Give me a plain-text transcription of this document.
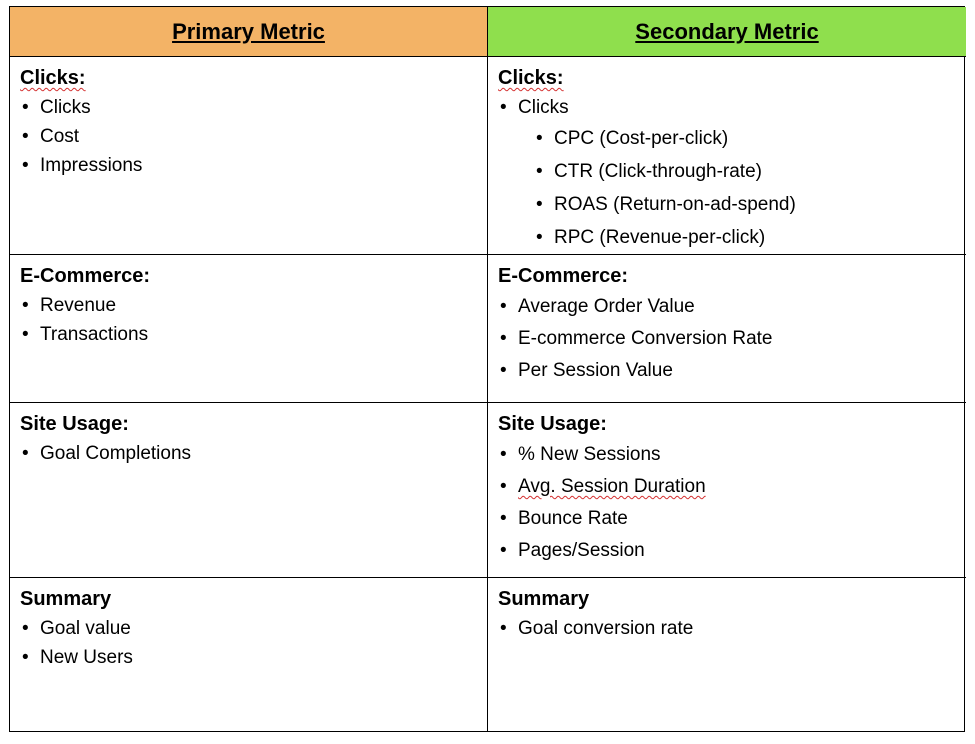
Primary Metric	Secondary Metric
Clicks:
• Clicks
• Cost
• Impressions
Clicks:
• Clicks
• CPC (Cost-per-click)
• CTR (Click-through-rate)
• ROAS (Return-on-ad-spend)
• RPC (Revenue-per-click)
E-Commerce:
• Revenue
• Transactions
E-Commerce:
• Average Order Value
• E-commerce Conversion Rate
• Per Session Value
Site Usage:
• Goal Completions
Site Usage:
• % New Sessions
• Avg. Session Duration
• Bounce Rate
• Pages/Session
Summary
• Goal value
• New Users
Summary
• Goal conversion rate
